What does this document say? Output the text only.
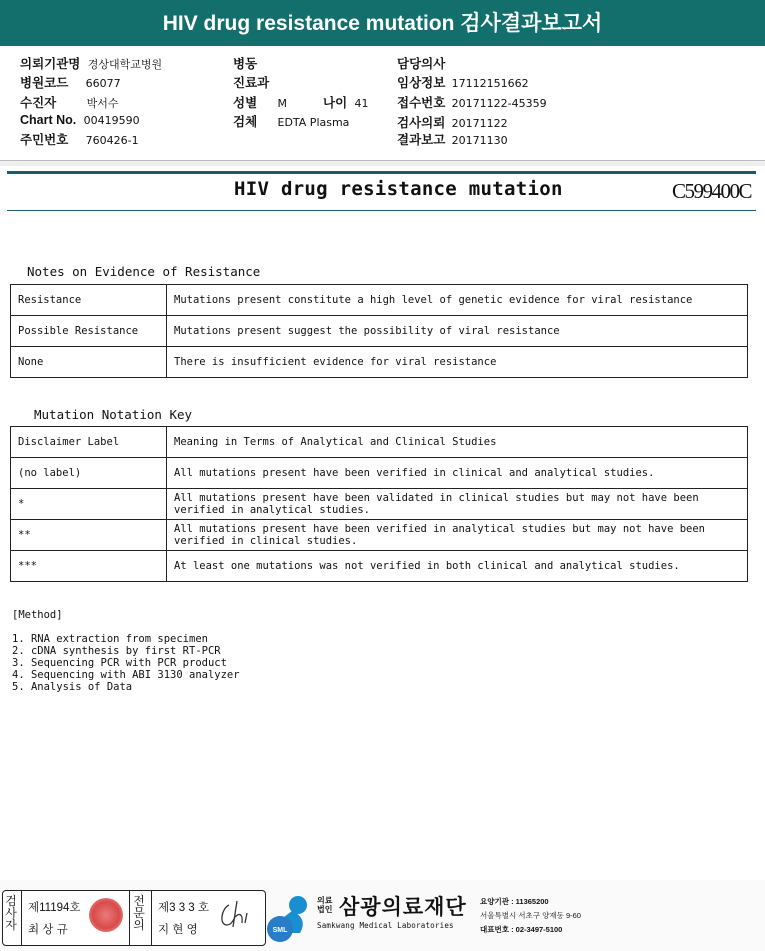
HIV drug resistance mutation 검사결과보고서
의뢰기관명 경상대학교병원
병원코드 66077
수진자	박서수
Chart No. 00419590
주민번호 760426-1
병동
진료과
성별 M	나이 41
검체 EDTA Plasma
담당의사
임상정보 17112151662
접수번호 20171122-45359
검사의뢰 20171122
결과보고 20171130
HIV drug resistance mutation	C599400C
Notes on Evidence of Resistance
Resistance	Mutations present constitute a high level of genetic evidence for viral resistance
Possible Resistance	Mutations present suggest the possibility of viral resistance
None	There is insufficient evidence for viral resistance
Mutation Notation Key
Disclaimer Label	Meaning in Terms of Analytical and Clinical Studies
(no label)	All mutations present have been verified in clinical and analytical studies.
*	All mutations present have been validated in clinical studies but may not have been verified in analytical studies.
**	All mutations present have been verified in analytical studies but may not have been verified in clinical studies.
***	At least one mutations was not verified in both clinical and analytical studies.
[Method]
1. RNA extraction from specimen
2. cDNA synthesis by first RT-PCR
3. Sequencing PCR with PCR product
4. Sequencing with ABI 3130 analyzer
5. Analysis of Data
검사자
제11194호
최 상 규
전문의
제3 3 3 호
지 현 영	SML
의료법인 삼광의료재단
Samkwang Medical Laboratories
요양기관 : 11365200
서울특별시 서초구 양재동 9-60
대표번호 : 02-3497-5100
